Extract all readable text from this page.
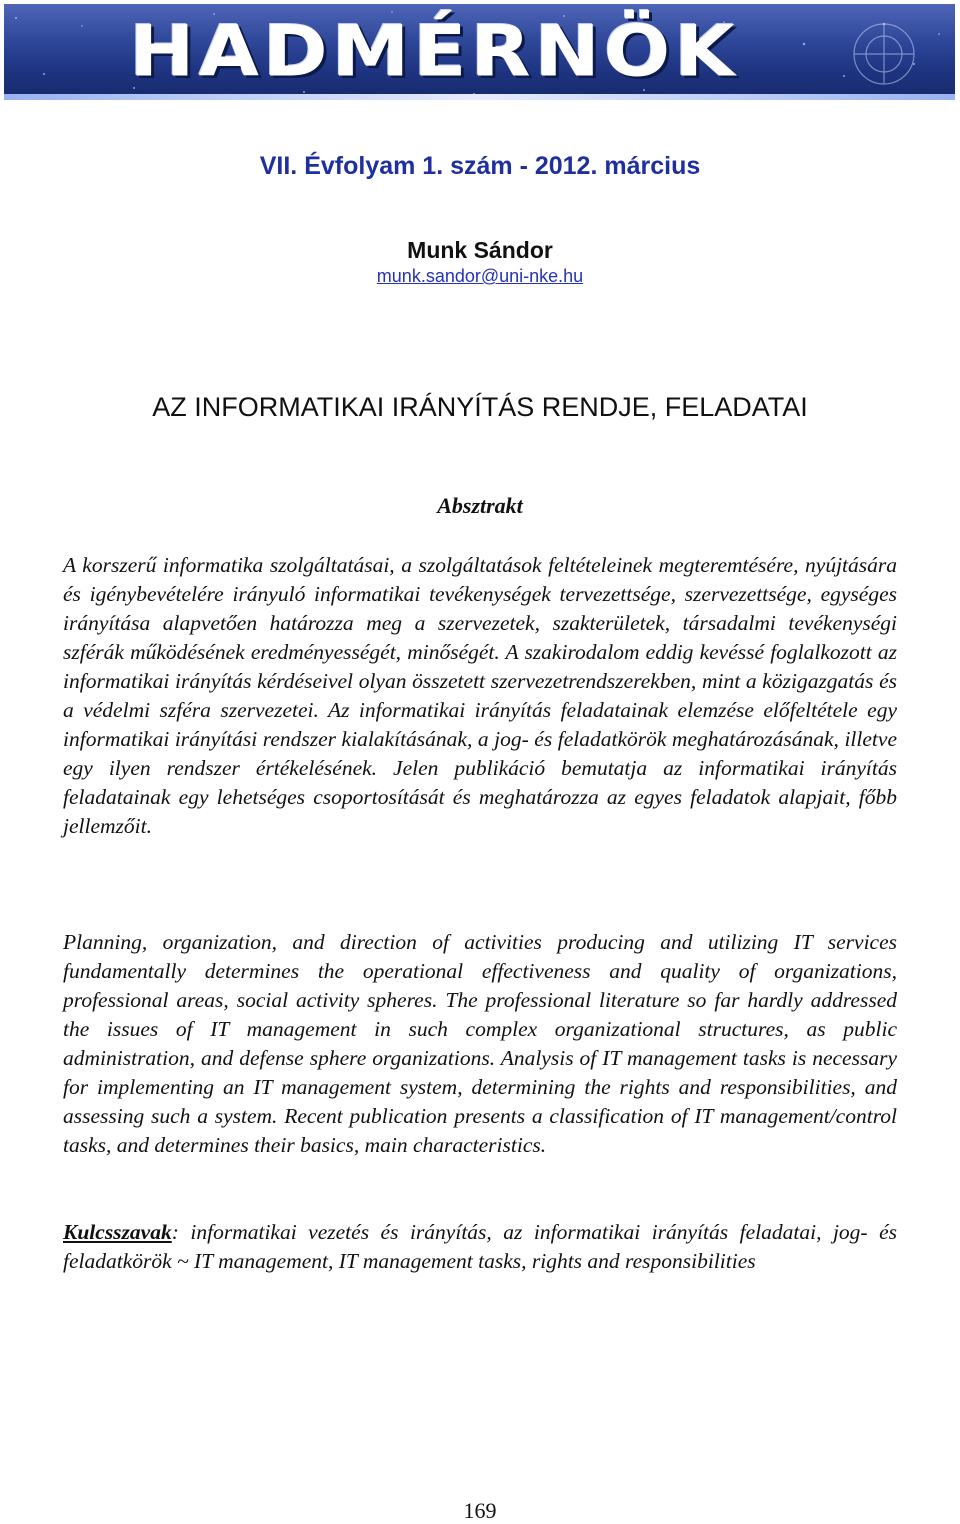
HADMÉRNÖK
VII. Évfolyam 1. szám - 2012. március
Munk Sándor
munk.sandor@uni-nke.hu
AZ INFORMATIKAI IRÁNYÍTÁS RENDJE, FELADATAI
Absztrakt

A korszerű informatika szolgáltatásai, a szolgáltatások feltételeinek megteremtésére, nyújtására és igénybevételére irányuló informatikai tevékenységek tervezettsége, szervezettsége, egységes irányítása alapvetően határozza meg a szervezetek, szakterületek, társadalmi tevékenységi szférák működésének eredményességét, minőségét. A szakirodalom eddig kevéssé foglalkozott az informatikai irányítás kérdéseivel olyan összetett szervezetrendszerekben, mint a közigazgatás és a védelmi szféra szervezetei. Az informatikai irányítás feladatainak elemzése előfeltétele egy informatikai irányítási rendszer kialakításának, a jog- és feladatkörök meghatározásának, illetve egy ilyen rendszer értékelésének. Jelen publikáció bemutatja az informatikai irányítás feladatainak egy lehetséges csoportosítását és meghatározza az egyes feladatok alapjait, főbb jellemzőit.

Planning, organization, and direction of activities producing and utilizing IT services fundamentally determines the operational effectiveness and quality of organizations, professional areas, social activity spheres. The professional literature so far hardly addressed the issues of IT management in such complex organizational structures, as public administration, and defense sphere organizations. Analysis of IT management tasks is necessary for implementing an IT management system, determining the rights and responsibilities, and assessing such a system. Recent publication presents a classification of IT management/control tasks, and determines their basics, main characteristics.

Kulcsszavak: informatikai vezetés és irányítás, az informatikai irányítás feladatai, jog- és feladatkörök ~ IT management, IT management tasks, rights and responsibilities

169
